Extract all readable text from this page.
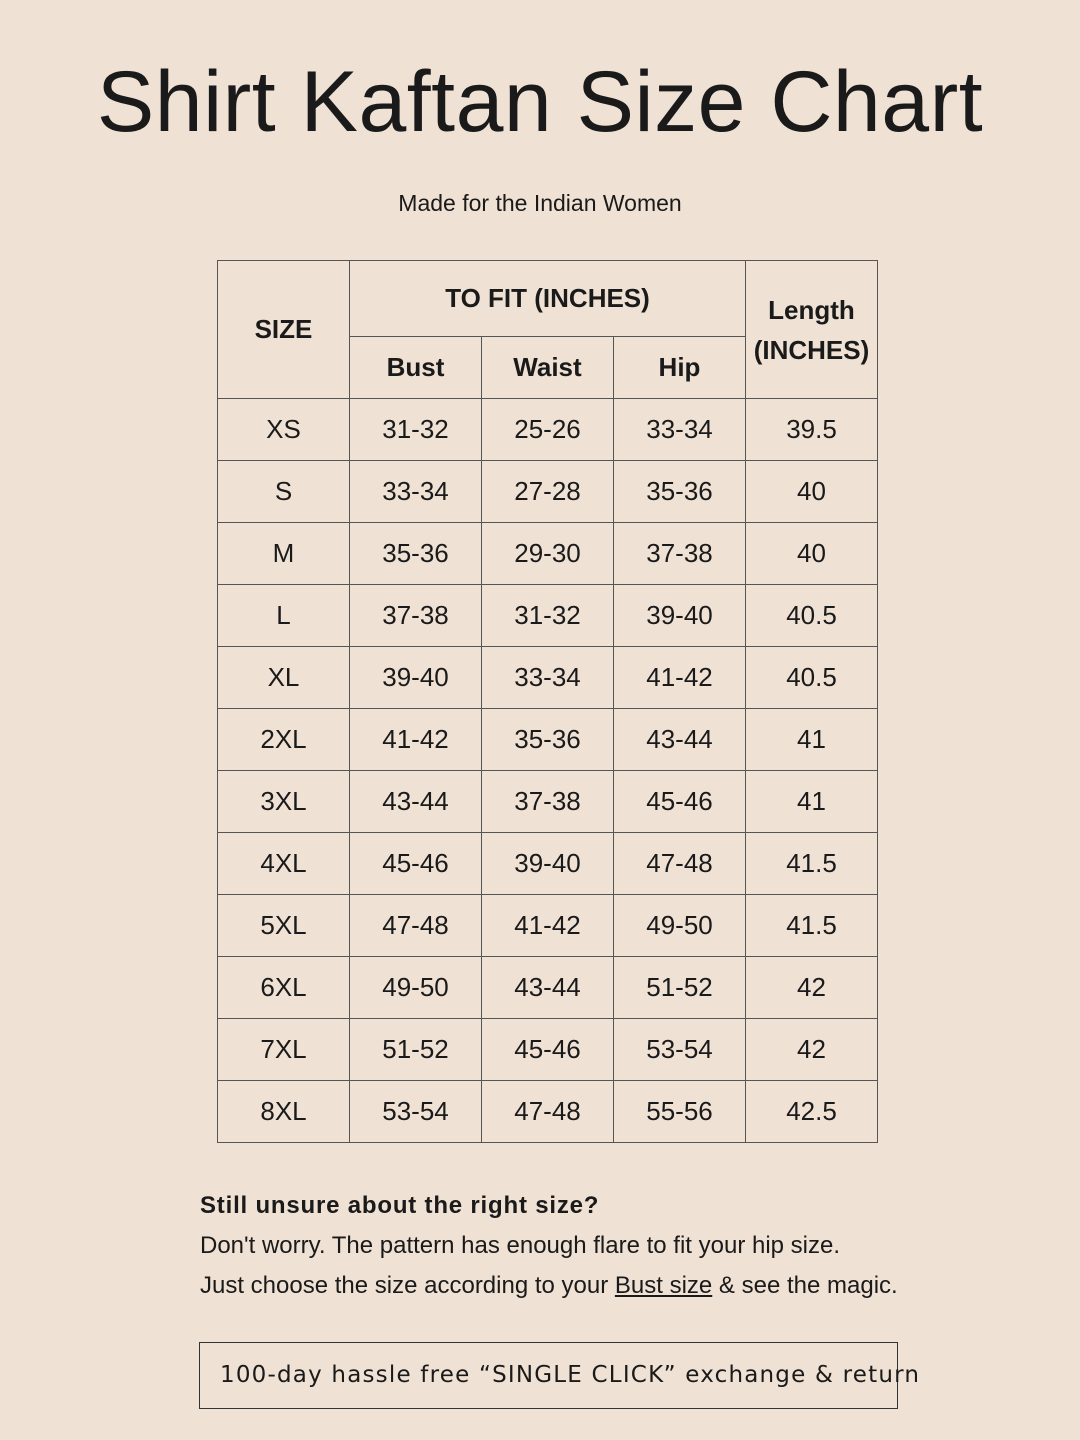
Shirt Kaftan Size Chart
Made for the Indian Women
SIZE	TO FIT (INCHES)			Length
(INCHES)

	Bust	Waist	Hip	
XS	31-32	25-26	33-34	39.5
S	33-34	27-28	35-36	40
M	35-36	29-30	37-38	40
L	37-38	31-32	39-40	40.5
XL	39-40	33-34	41-42	40.5
2XL	41-42	35-36	43-44	41
3XL	43-44	37-38	45-46	41
4XL	45-46	39-40	47-48	41.5
5XL	47-48	41-42	49-50	41.5
6XL	49-50	43-44	51-52	42
7XL	51-52	45-46	53-54	42
8XL	53-54	47-48	55-56	42.5
Still unsure about the right size?
Don't worry. The pattern has enough flare to fit your hip size.
Just choose the size according to your Bust size & see the magic.
100-day hassle free “SINGLE CLICK” exchange & return
